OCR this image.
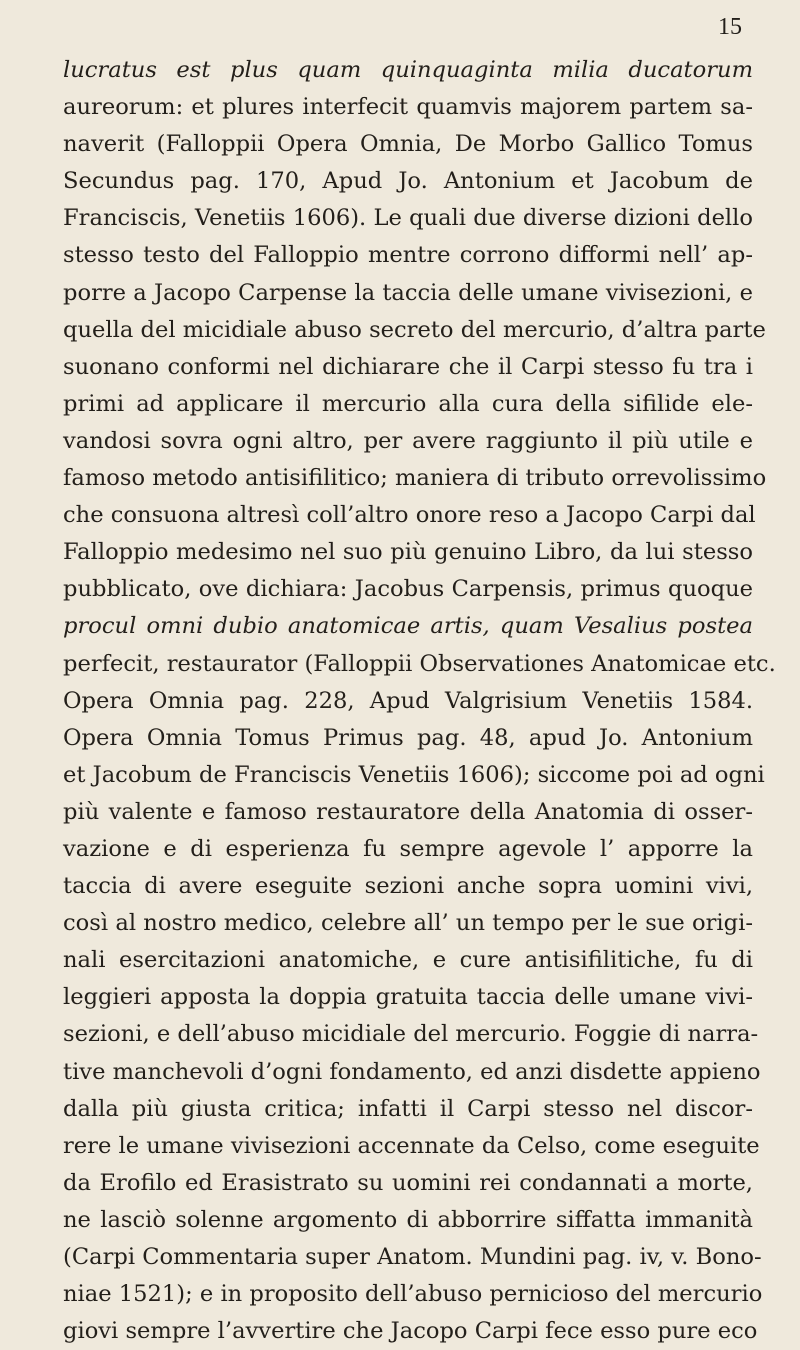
15
lucratus est plus quam quinquaginta milia ducatorum
aureorum: et plures interfecit quamvis majorem partem sa-
naverit (Falloppii Opera Omnia, De Morbo Gallico Tomus
Secundus pag. 170, Apud Jo. Antonium et Jacobum de
Franciscis, Venetiis 1606). Le quali due diverse dizioni dello
stesso testo del Falloppio mentre corrono difformi nell’ ap-
porre a Jacopo Carpense la taccia delle umane vivisezioni, e
quella del micidiale abuso secreto del mercurio, d’altra parte
suonano conformi nel dichiarare che il Carpi stesso fu tra i
primi ad applicare il mercurio alla cura della sifilide ele-
vandosi sovra ogni altro, per avere raggiunto il più utile e
famoso metodo antisifilitico; maniera di tributo orrevolissimo
che consuona altresì coll’altro onore reso a Jacopo Carpi dal
Falloppio medesimo nel suo più genuino Libro, da lui stesso
pubblicato, ove dichiara: Jacobus Carpensis, primus quoque
procul omni dubio anatomicae artis, quam Vesalius postea
perfecit, restaurator (Falloppii Observationes Anatomicae etc.
Opera Omnia pag. 228, Apud Valgrisium Venetiis 1584.
Opera Omnia Tomus Primus pag. 48, apud Jo. Antonium
et Jacobum de Franciscis Venetiis 1606); siccome poi ad ogni
più valente e famoso restauratore della Anatomia di osser-
vazione e di esperienza fu sempre agevole l’ apporre la
taccia di avere eseguite sezioni anche sopra uomini vivi,
così al nostro medico, celebre all’ un tempo per le sue origi-
nali esercitazioni anatomiche, e cure antisifilitiche, fu di
leggieri apposta la doppia gratuita taccia delle umane vivi-
sezioni, e dell’abuso micidiale del mercurio. Foggie di narra-
tive manchevoli d’ogni fondamento, ed anzi disdette appieno
dalla più giusta critica; infatti il Carpi stesso nel discor-
rere le umane vivisezioni accennate da Celso, come eseguite
da Erofilo ed Erasistrato su uomini rei condannati a morte,
ne lasciò solenne argomento di abborrire siffatta immanità
(Carpi Commentaria super Anatom. Mundini pag. iv, v. Bono-
niae 1521); e in proposito dell’abuso pernicioso del mercurio
giovi sempre l’avvertire che Jacopo Carpi fece esso pure eco
